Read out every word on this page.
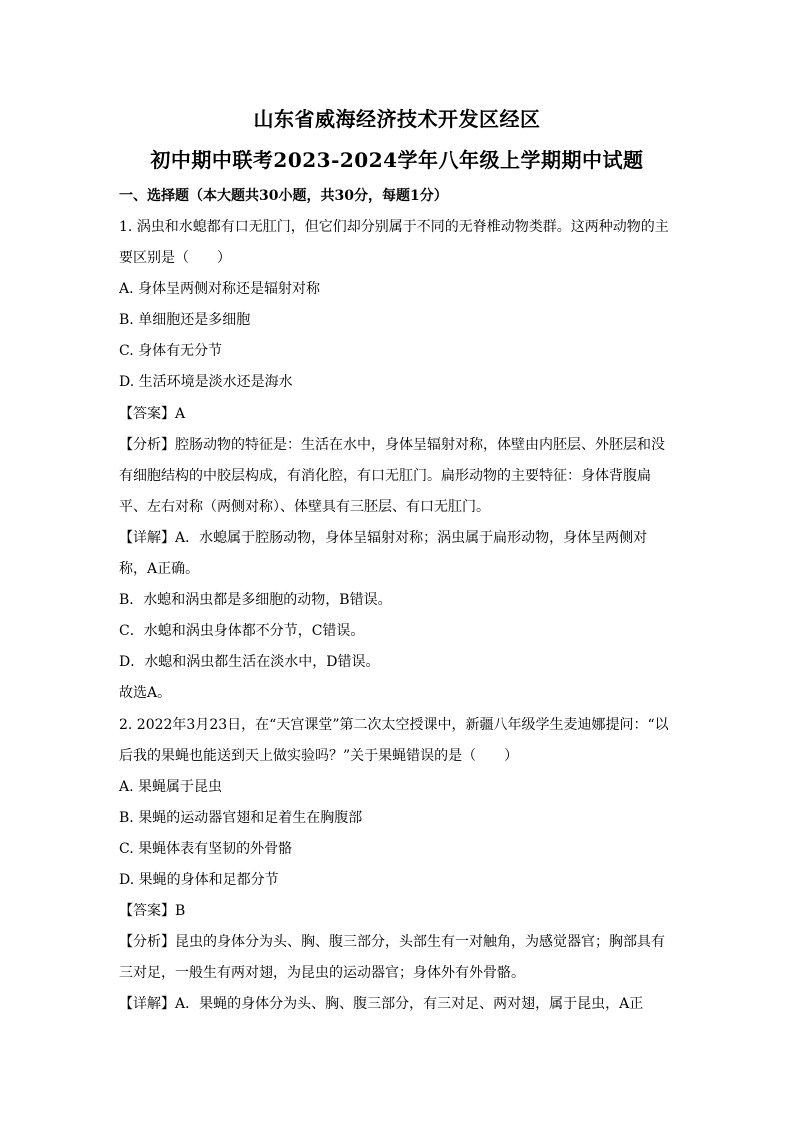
山东省威海经济技术开发区经区
初中期中联考2023-2024学年八年级上学期期中试题
一、选择题（本大题共30小题，共30分，每题1分）
1. 涡虫和水螅都有口无肛门，但它们却分别属于不同的无脊椎动物类群。这两种动物的主
要区别是（　　）
A. 身体呈两侧对称还是辐射对称
B. 单细胞还是多细胞
C. 身体有无分节
D. 生活环境是淡水还是海水
【答案】A
【分析】腔肠动物的特征是：生活在水中，身体呈辐射对称，体壁由内胚层、外胚层和没
有细胞结构的中胶层构成，有消化腔，有口无肛门。扁形动物的主要特征：身体背腹扁
平、左右对称（两侧对称）、体壁具有三胚层、有口无肛门。
【详解】A．水螅属于腔肠动物，身体呈辐射对称；涡虫属于扁形动物，身体呈两侧对
称，A正确。
B．水螅和涡虫都是多细胞的动物，B错误。
C．水螅和涡虫身体都不分节，C错误。
D．水螅和涡虫都生活在淡水中，D错误。
故选A。
2. 2022年3月23日，在“天宫课堂”第二次太空授课中，新疆八年级学生麦迪娜提问：“以
后我的果蝇也能送到天上做实验吗？”关于果蝇错误的是（　　）
A. 果蝇属于昆虫
B. 果蝇的运动器官翅和足着生在胸腹部
C. 果蝇体表有坚韧的外骨骼
D. 果蝇的身体和足都分节
【答案】B
【分析】昆虫的身体分为头、胸、腹三部分，头部生有一对触角，为感觉器官；胸部具有
三对足，一般生有两对翅，为昆虫的运动器官；身体外有外骨骼。
【详解】A．果蝇的身体分为头、胸、腹三部分，有三对足、两对翅，属于昆虫，A正
